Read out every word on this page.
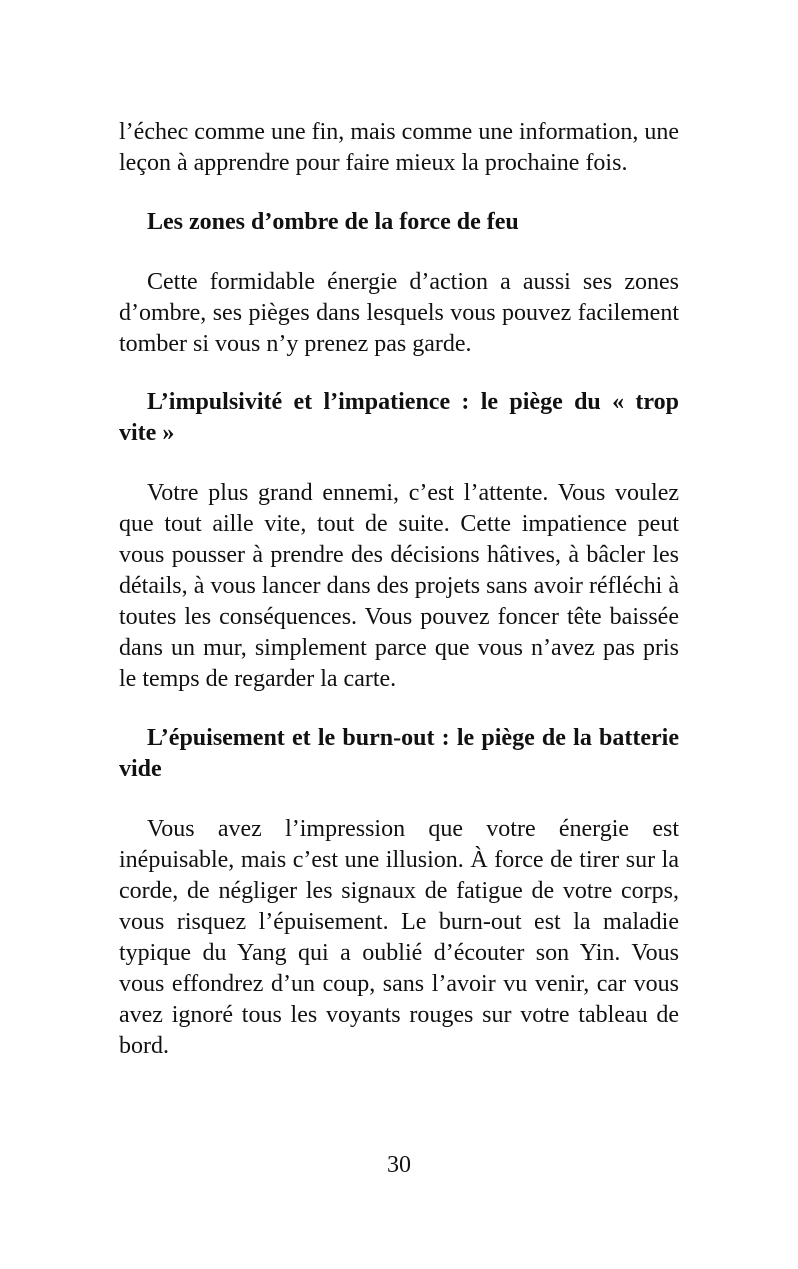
l’échec comme une fin, mais comme une information, une leçon à apprendre pour faire mieux la prochaine fois.

Les zones d’ombre de la force de feu

Cette formidable énergie d’action a aussi ses zones d’ombre, ses pièges dans lesquels vous pouvez facilement tomber si vous n’y prenez pas garde.

L’impulsivité et l’impatience : le piège du « trop vite »

Votre plus grand ennemi, c’est l’attente. Vous voulez que tout aille vite, tout de suite. Cette impatience peut vous pousser à prendre des décisions hâtives, à bâcler les détails, à vous lancer dans des projets sans avoir réfléchi à toutes les conséquences. Vous pouvez foncer tête baissée dans un mur, simplement parce que vous n’avez pas pris le temps de regarder la carte.

L’épuisement et le burn-out : le piège de la batterie vide

Vous avez l’impression que votre énergie est inépuisable, mais c’est une illusion. À force de tirer sur la corde, de négliger les signaux de fatigue de votre corps, vous risquez l’épuisement. Le burn-out est la maladie typique du Yang qui a oublié d’écouter son Yin. Vous vous effondrez d’un coup, sans l’avoir vu venir, car vous avez ignoré tous les voyants rouges sur votre tableau de bord.

30
